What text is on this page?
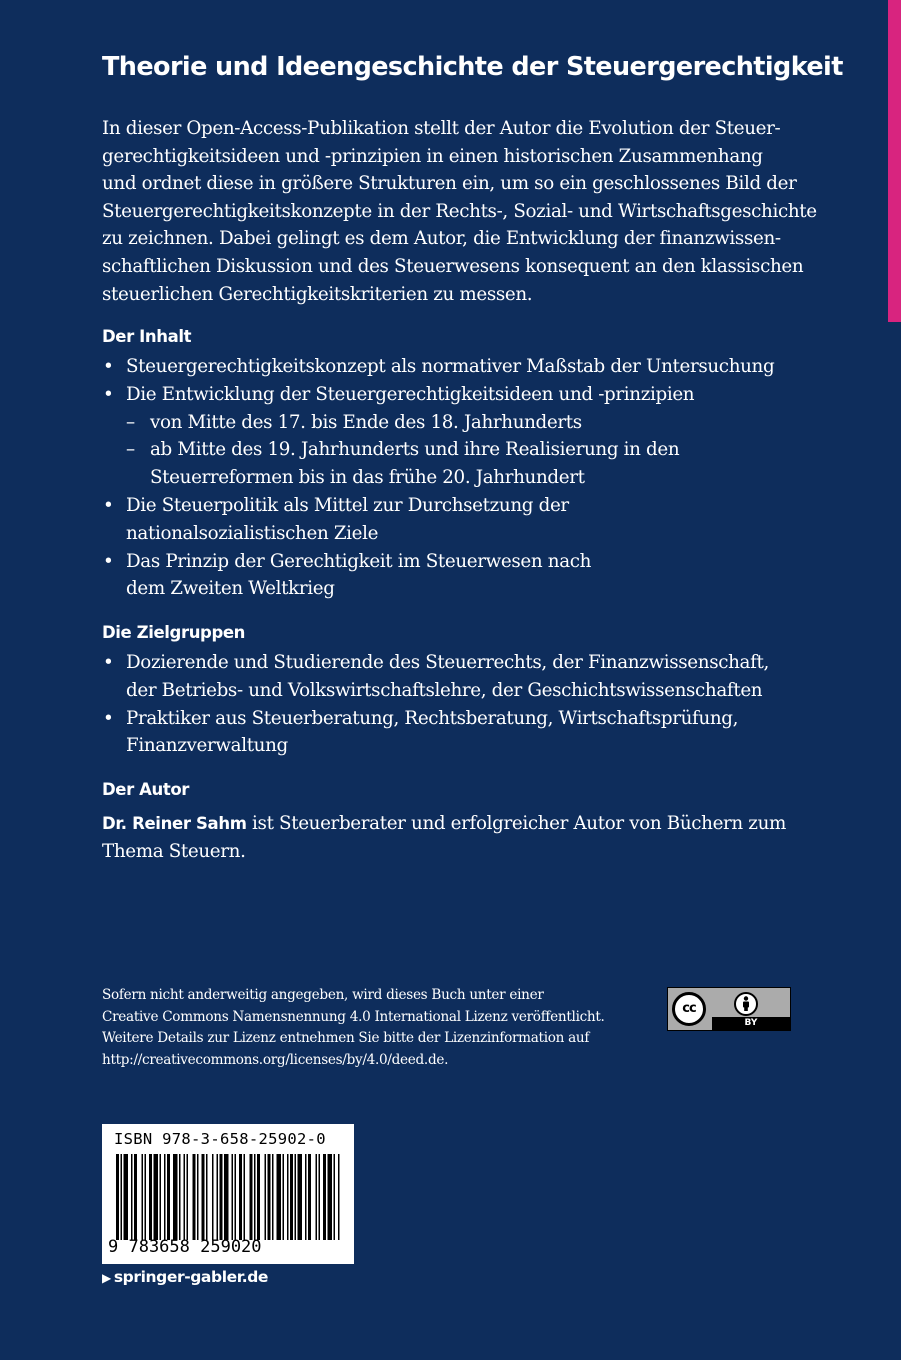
Theorie und Ideengeschichte der Steuergerechtigkeit

In dieser Open-Access-Publikation stellt der Autor die Evolution der Steuer-
gerechtigkeitsideen und -prinzipien in einen historischen Zusammenhang
und ordnet diese in größere Strukturen ein, um so ein geschlossenes Bild der
Steuergerechtigkeitskonzepte in der Rechts-, Sozial- und Wirtschaftsgeschichte
zu zeichnen. Dabei gelingt es dem Autor, die Entwicklung der finanzwissen-
schaftlichen Diskussion und des Steuerwesens konsequent an den klassischen
steuerlichen Gerechtigkeitskriterien zu messen.

Der Inhalt
• Steuergerechtigkeitskonzept als normativer Maßstab der Untersuchung
• Die Entwicklung der Steuergerechtigkeitsideen und -prinzipien
– von Mitte des 17. bis Ende des 18. Jahrhunderts
– ab Mitte des 19. Jahrhunderts und ihre Realisierung in den
Steuerreformen bis in das frühe 20. Jahrhundert
• Die Steuerpolitik als Mittel zur Durchsetzung der
nationalsozialistischen Ziele
• Das Prinzip der Gerechtigkeit im Steuerwesen nach
dem Zweiten Weltkrieg
Die Zielgruppen
• Dozierende und Studierende des Steuerrechts, der Finanzwissenschaft,
der Betriebs- und Volkswirtschaftslehre, der Geschichtswissenschaften
• Praktiker aus Steuerberatung, Rechtsberatung, Wirtschaftsprüfung,
Finanzverwaltung
Der Autor

Dr. Reiner Sahm ist Steuerberater und erfolgreicher Autor von Büchern zum
Thema Steuern.

Sofern nicht anderweitig angegeben, wird dieses Buch unter einer
Creative Commons Namensnennung 4.0 International Lizenz veröffentlicht.
Weitere Details zur Lizenz entnehmen Sie bitte der Lizenzinformation auf
http://creativecommons.org/licenses/by/4.0/deed.de.

cc
BY
ISBN 978-3-658-25902-0
9 783658 259020
▶ springer-gabler.de
